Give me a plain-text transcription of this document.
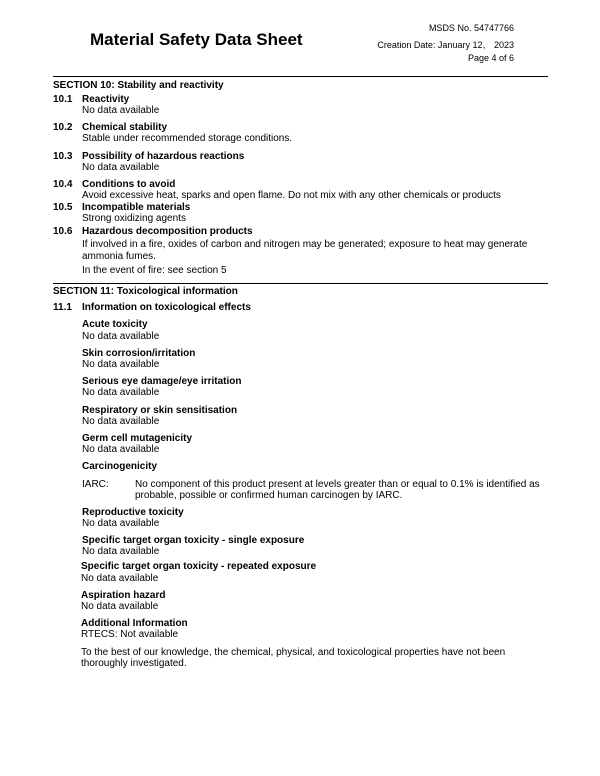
Material Safety Data Sheet
MSDS No. 54747766
Creation Date: January 12、 2023
Page 4 of 6
SECTION 10: Stability and reactivity
10.1 Reactivity
No data available
10.2 Chemical stability
Stable under recommended storage conditions.
10.3 Possibility of hazardous reactions
No data available
10.4 Conditions to avoid
Avoid excessive heat, sparks and open flame. Do not mix with any other chemicals or products
10.5 Incompatible materials
Strong oxidizing agents
10.6 Hazardous decomposition products
If involved in a fire, oxides of carbon and nitrogen may be generated; exposure to heat may generate
ammonia fumes.
In the event of fire: see section 5
SECTION 11: Toxicological information
11.1 Information on toxicological effects
Acute toxicity
No data available
Skin corrosion/irritation
No data available
Serious eye damage/eye irritation
No data available
Respiratory or skin sensitisation
No data available
Germ cell mutagenicity
No data available
Carcinogenicity
IARC:	No component of this product present at levels greater than or equal to 0.1% is identified as
probable, possible or confirmed human carcinogen by IARC.
Reproductive toxicity
No data available
Specific target organ toxicity - single exposure
No data available
Specific target organ toxicity - repeated exposure
No data available
Aspiration hazard
No data available
Additional Information
RTECS: Not available
To the best of our knowledge, the chemical, physical, and toxicological properties have not been
thoroughly investigated.
